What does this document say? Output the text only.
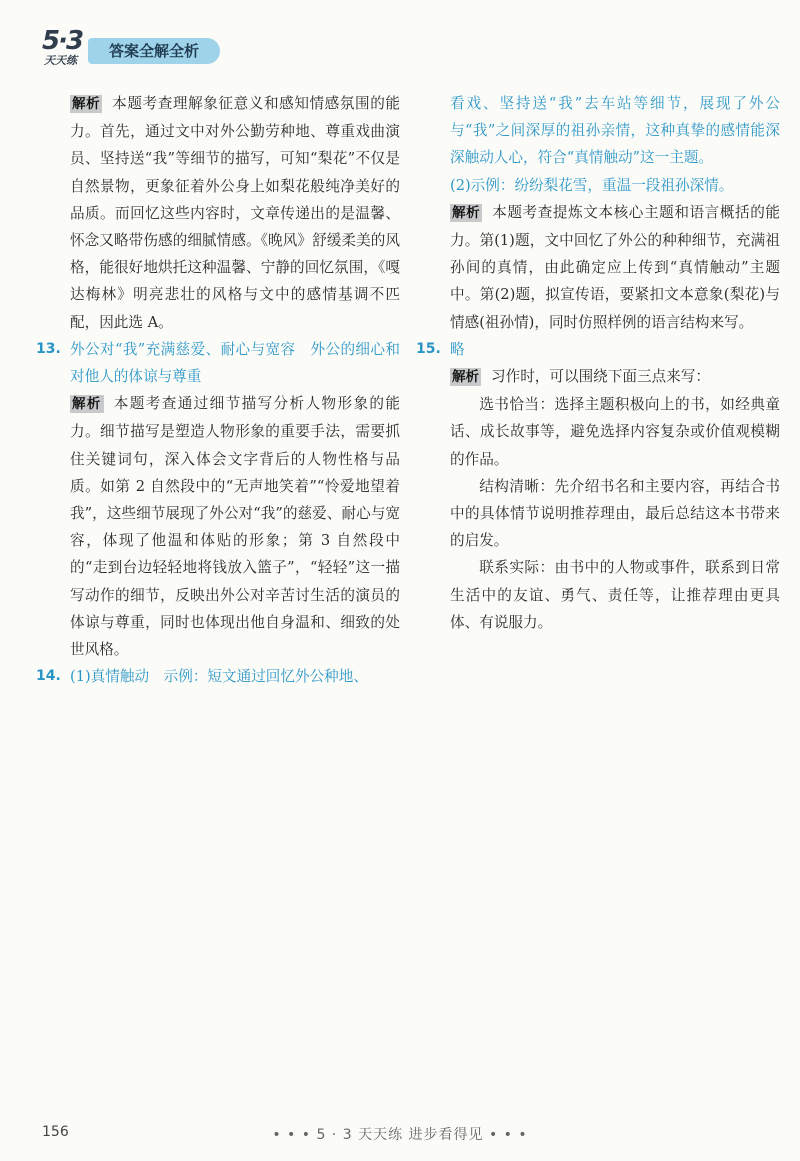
5·3
天天练
答案全解全析

解析 本题考查理解象征意义和感知情感氛围的能力。首先，通过文中对外公勤劳种地、尊重戏曲演员、坚持送“我”等细节的描写，可知“梨花”不仅是自然景物，更象征着外公身上如梨花般纯净美好的品质。而回忆这些内容时，文章传递出的是温馨、怀念又略带伤感的细腻情感。《晚风》舒缓柔美的风格，能很好地烘托这种温馨、宁静的回忆氛围，《嘎达梅林》明亮悲壮的风格与文中的感情基调不匹配，因此选 A。

13. 外公对“我”充满慈爱、耐心与宽容　外公的细心和对他人的体谅与尊重

解析 本题考查通过细节描写分析人物形象的能力。细节描写是塑造人物形象的重要手法，需要抓住关键词句，深入体会文字背后的人物性格与品质。如第 2 自然段中的“无声地笑着”“怜爱地望着我”，这些细节展现了外公对“我”的慈爱、耐心与宽容，体现了他温和体贴的形象；第 3 自然段中的“走到台边轻轻地将钱放入篮子”，“轻轻”这一描写动作的细节，反映出外公对辛苦讨生活的演员的体谅与尊重，同时也体现出他自身温和、细致的处世风格。

14. (1)真情触动　示例：短文通过回忆外公种地、

看戏、坚持送“我”去车站等细节，展现了外公与“我”之间深厚的祖孙亲情，这种真挚的感情能深深触动人心，符合“真情触动”这一主题。

(2)示例：纷纷梨花雪，重温一段祖孙深情。

解析 本题考查提炼文本核心主题和语言概括的能力。第(1)题，文中回忆了外公的种种细节，充满祖孙间的真情，由此确定应上传到“真情触动”主题中。第(2)题，拟宣传语，要紧扣文本意象(梨花)与情感(祖孙情)，同时仿照样例的语言结构来写。

15. 略

解析 习作时，可以围绕下面三点来写：

选书恰当：选择主题积极向上的书，如经典童话、成长故事等，避免选择内容复杂或价值观模糊的作品。

结构清晰：先介绍书名和主要内容，再结合书中的具体情节说明推荐理由，最后总结这本书带来的启发。

联系实际：由书中的人物或事件，联系到日常生活中的友谊、勇气、责任等，让推荐理由更具体、有说服力。

156	• • • 5 · 3 天天练 进步看得见 • • •
